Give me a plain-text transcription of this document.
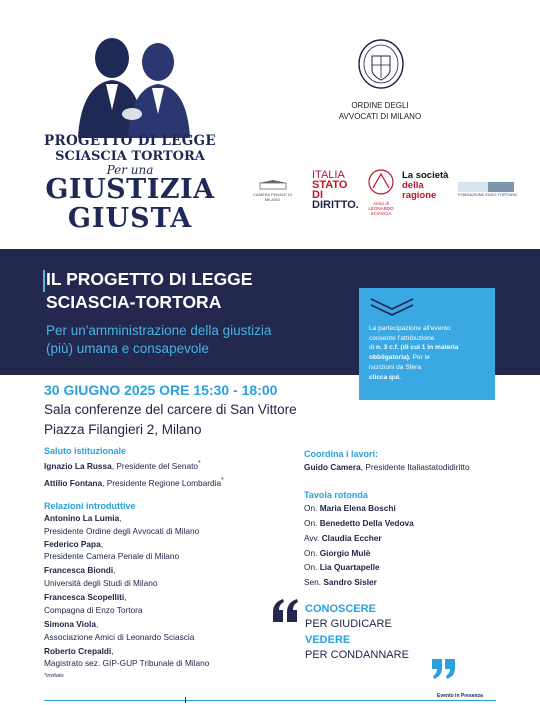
PROGETTO DI LEGGE
SCIASCIA TORTORA
Per una
GIUSTIZIA
GIUSTA
ORDINE DEGLI
AVVOCATI DI MILANO
CAMERA PENALE DI MILANO
ITALIA
STATO DI
DIRITTO.	Amici di LEONARDO SCIASCIA
La società
della ragione	FONDAZIONE ENZO TORTORA
IL PROGETTO DI LEGGE
SCIASCIA-TORTORA
Per un'amministrazione della giustizia
(più) umana e consapevole
La partecipazione all'evento
consente l'attribuzione
di n. 3 c.f. (di cui 1 in materia
obbligatoria). Per le
iscrizioni da Sfera
clicca qui.
30 GIUGNO 2025 ORE 15:30 - 18:00
Sala conferenze del carcere di San Vittore
Piazza Filangieri 2, Milano
Saluto istituzionale
Ignazio La Russa, Presidente del Senato*
Attilio Fontana, Presidente Regione Lombardia*
Relazioni introduttive
Antonino La Lumia,
Presidente Ordine degli Avvocati di Milano
Federico Papa,
Presidente Camera Penale di Milano
Francesca Biondi,
Università degli Studi di Milano
Francesca Scopelliti,
Compagna di Enzo Tortora
Simona Viola,
Associazione Amici di Leonardo Sciascia
Roberto Crepaldi,
Magistrato sez. GIP-GUP Tribunale di Milano
*invitato
Coordina i lavori:
Guido Camera, Presidente Italiastatodidiritto
Tavola rotonda
On. Maria Elena Boschi
On. Benedetto Della Vedova
Avv. Claudia Eccher
On. Giorgio Mulè
On. Lia Quartapelle
Sen. Sandro Sisler
CONOSCERE
PER GIUDICARE
VEDERE
PER CONDANNARE
Evento in Presenza
